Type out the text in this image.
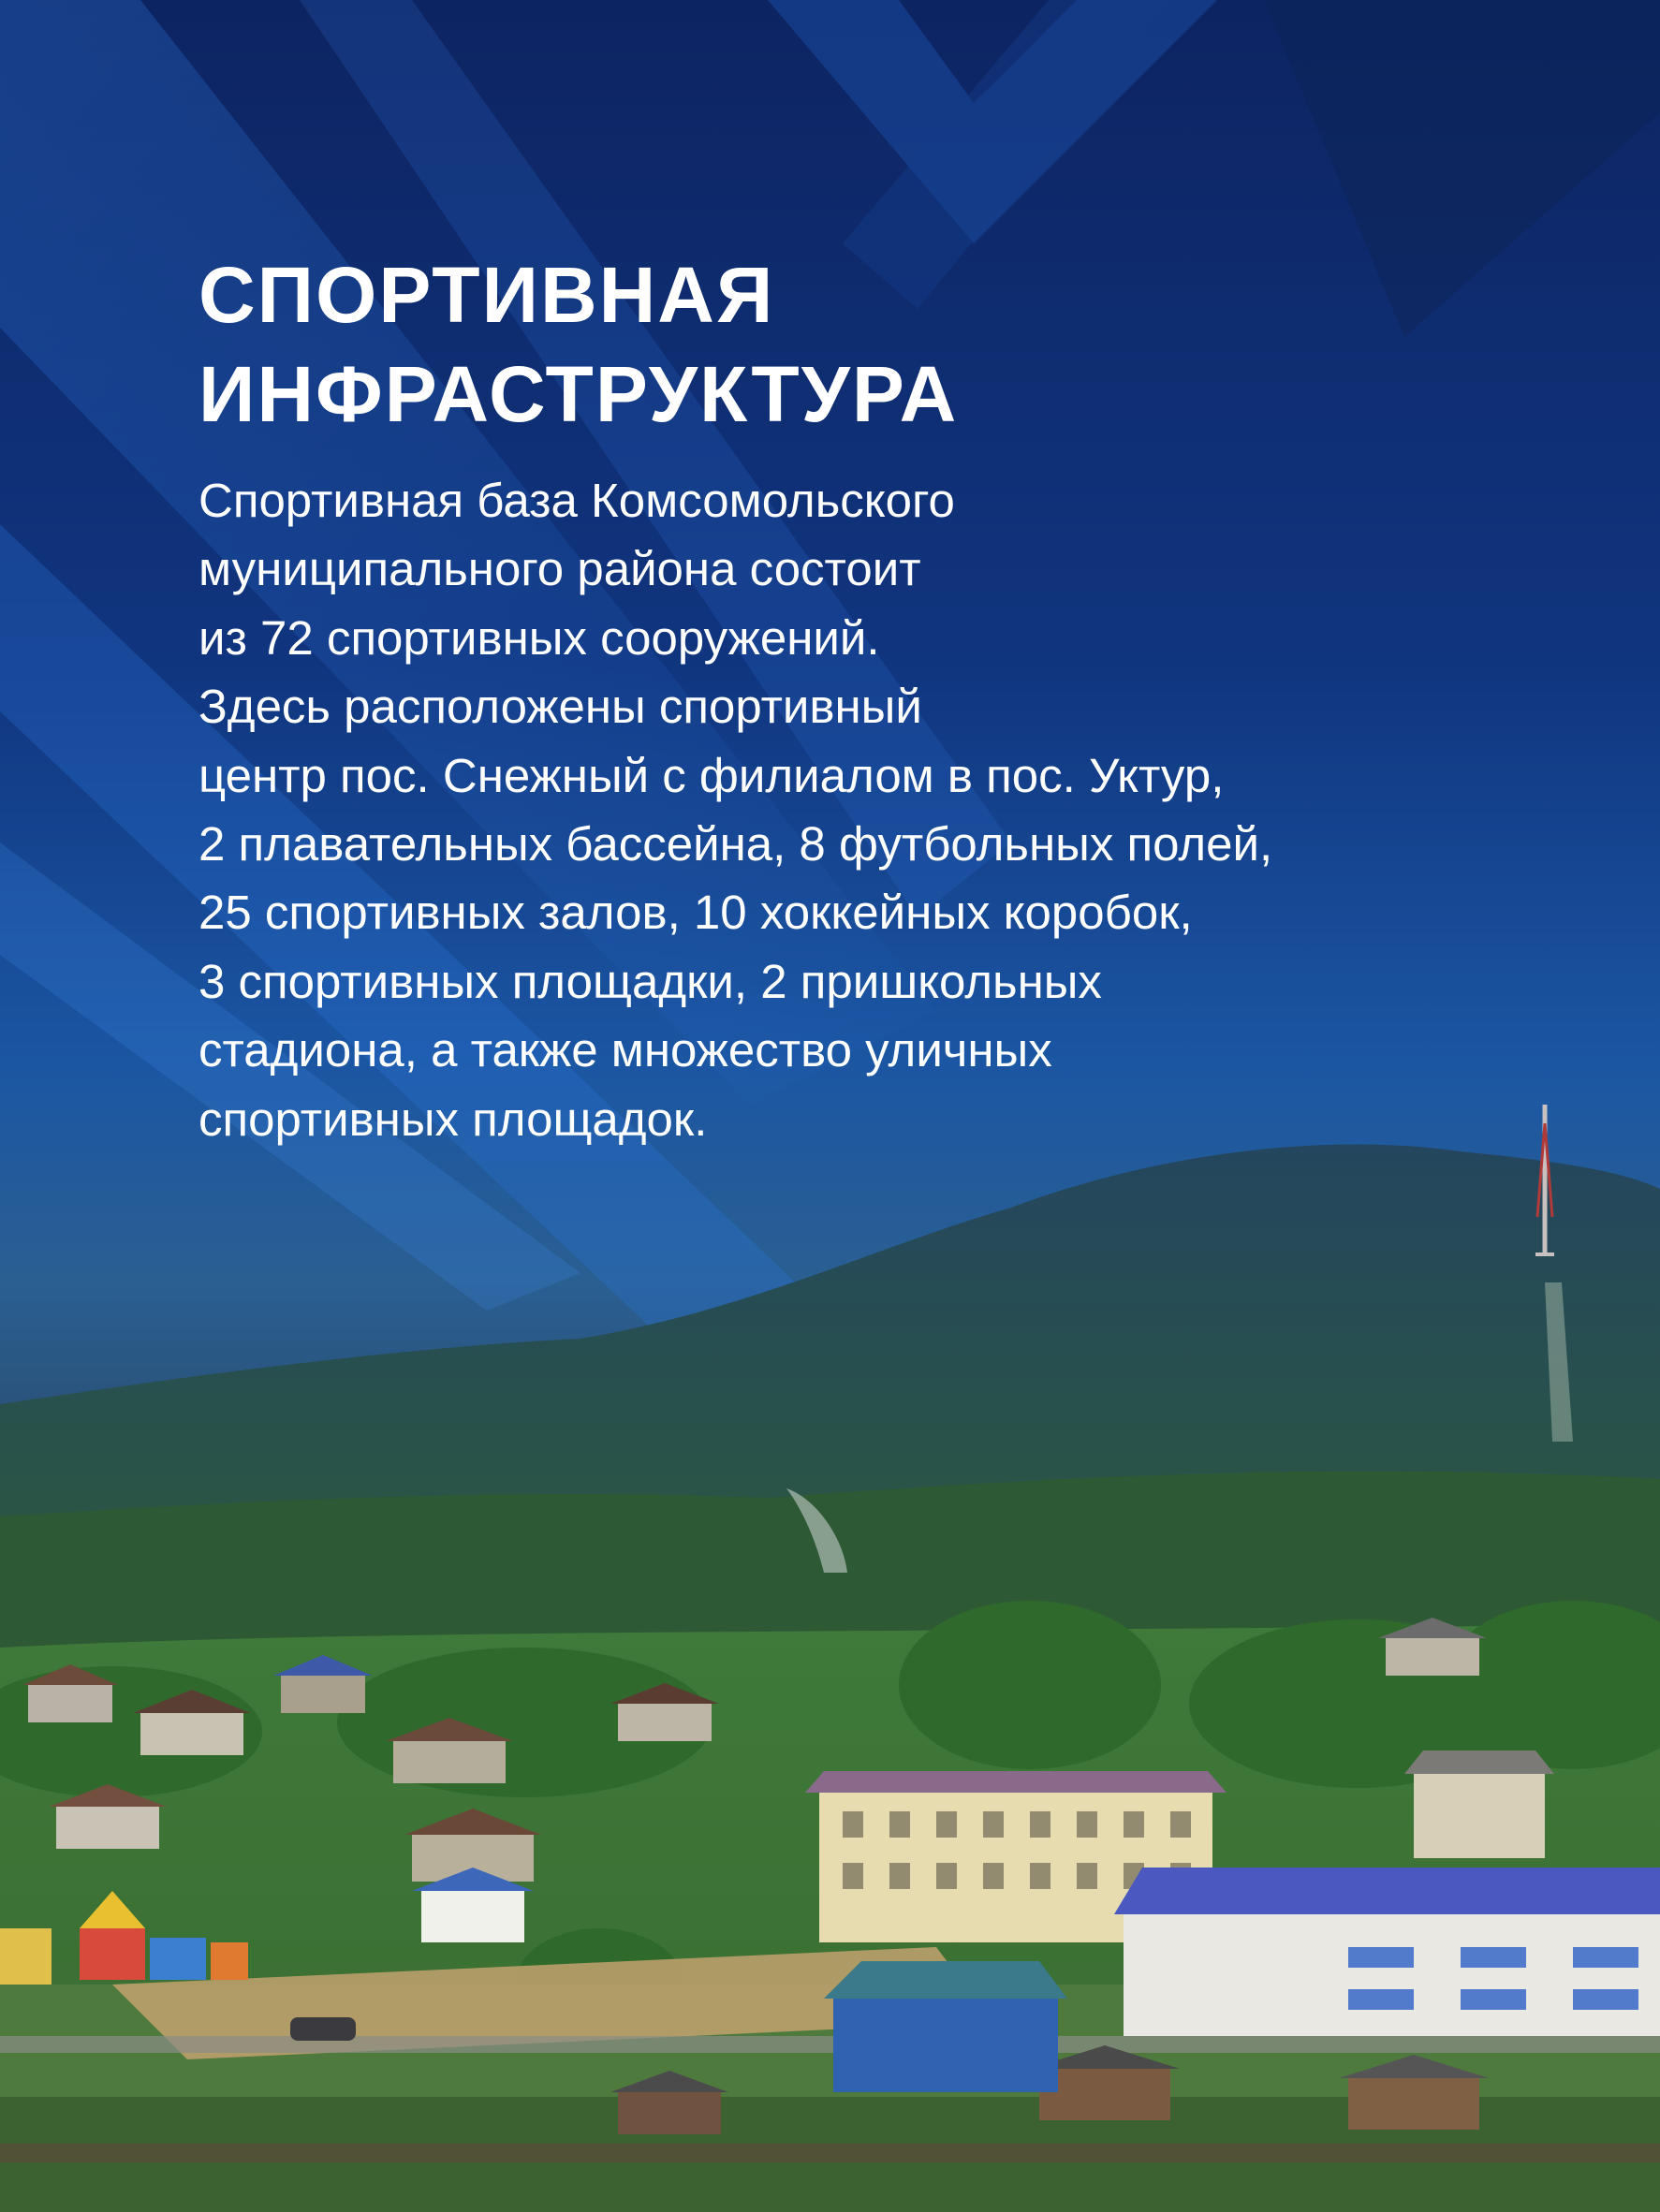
СПОРТИВНАЯ
ИНФРАСТРУКТУРА
Спортивная база Комсомольского
муниципального района состоит
из 72 спортивных сооружений.
Здесь расположены спортивный
центр пос. Снежный с филиалом в пос. Уктур,
2 плавательных бассейна, 8 футбольных полей,
25 спортивных залов, 10 хоккейных коробок,
3 спортивных площадки, 2 пришкольных
стадиона, а также множество уличных
спортивных площадок.
